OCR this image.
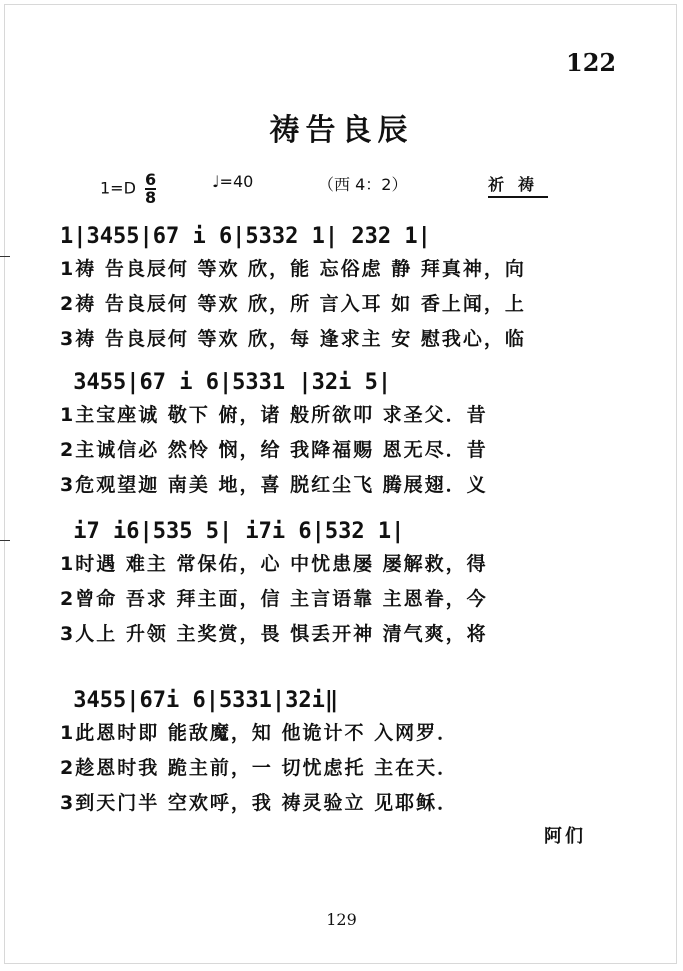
122
祷告良辰
$1=D \frac{6}{8}$	♩=40	（西 4：2）	祈祷
1|3455|67 i 6|5332 1| 232 1|
1祷 告良辰何 等欢 欣，能 忘俗虑 静 拜真神，向
2祷 告良辰何 等欢 欣，所 言入耳 如 香上闻，上
3祷 告良辰何 等欢 欣，每 逢求主 安 慰我心，临
3455|67 i 6|5331 |32i 5|
1主宝座诚 敬下 俯，诸 般所欲叩 求圣父．昔
2主诚信必 然怜 悯，给 我降福赐 恩无尽．昔
3危观望迦 南美 地，喜 脱红尘飞 腾展翅．义
i7 i6|535 5| i7i 6|532 1|
1时遇 难主 常保佑，心 中忧患屡 屡解救，得
2曾命 吾求 拜主面，信 主言语靠 主恩眷，今
3人上 升领 主奖赏，畏 惧丢开神 清气爽，将
3455|67i 6|5331|32i‖
1此恩时即 能敌魔，知 他诡计不 入网罗．
2趁恩时我 跪主前，一 切忧虑托 主在天．
3到天门半 空欢呼，我 祷灵验立 见耶稣．
阿们
129
